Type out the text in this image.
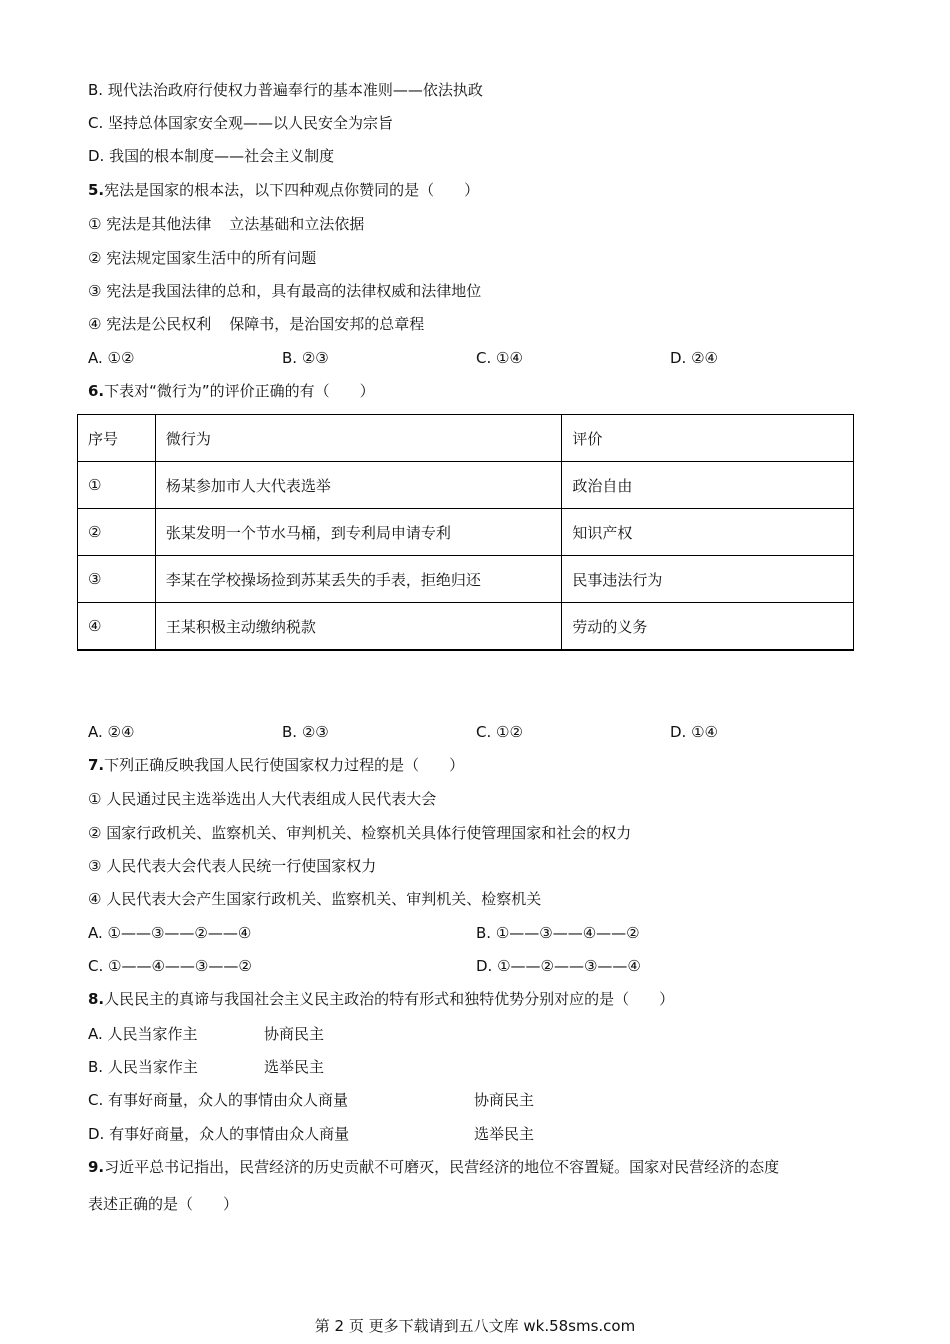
B. 现代法治政府行使权力普遍奉行的基本准则——依法执政
C. 坚持总体国家安全观——以人民安全为宗旨
D. 我国的根本制度——社会主义制度
5.宪法是国家的根本法，以下四种观点你赞同的是（　　）
① 宪法是其他法律 立法基础和立法依据
② 宪法规定国家生活中的所有问题
③ 宪法是我国法律的总和，具有最高的法律权威和法律地位
④ 宪法是公民权利 保障书，是治国安邦的总章程
A. ①②	B. ②③	C. ①④	D. ②④
6.下表对“微行为”的评价正确的有（　　）
序号	微行为	评价
①	杨某参加市人大代表选举	政治自由
②	张某发明一个节水马桶，到专利局申请专利	知识产权
③	李某在学校操场捡到苏某丢失的手表，拒绝归还	民事违法行为
④	王某积极主动缴纳税款	劳动的义务
A. ②④	B. ②③	C. ①②	D. ①④
7.下列正确反映我国人民行使国家权力过程的是（　　）
① 人民通过民主选举选出人大代表组成人民代表大会
② 国家行政机关、监察机关、审判机关、检察机关具体行使管理国家和社会的权力
③ 人民代表大会代表人民统一行使国家权力
④ 人民代表大会产生国家行政机关、监察机关、审判机关、检察机关
A. ①——③——②——④	B. ①——③——④——②
C. ①——④——③——②	D. ①——②——③——④
8.人民民主的真谛与我国社会主义民主政治的特有形式和独特优势分别对应的是（　　）
A. 人民当家作主	协商民主
B. 人民当家作主	选举民主
C. 有事好商量，众人的事情由众人商量	协商民主
D. 有事好商量，众人的事情由众人商量	选举民主
9.习近平总书记指出，民营经济的历史贡献不可磨灭，民营经济的地位不容置疑。国家对民营经济的态度
表述正确的是（　　）
第 2 页 更多下载请到五八文库 wk.58sms.com
